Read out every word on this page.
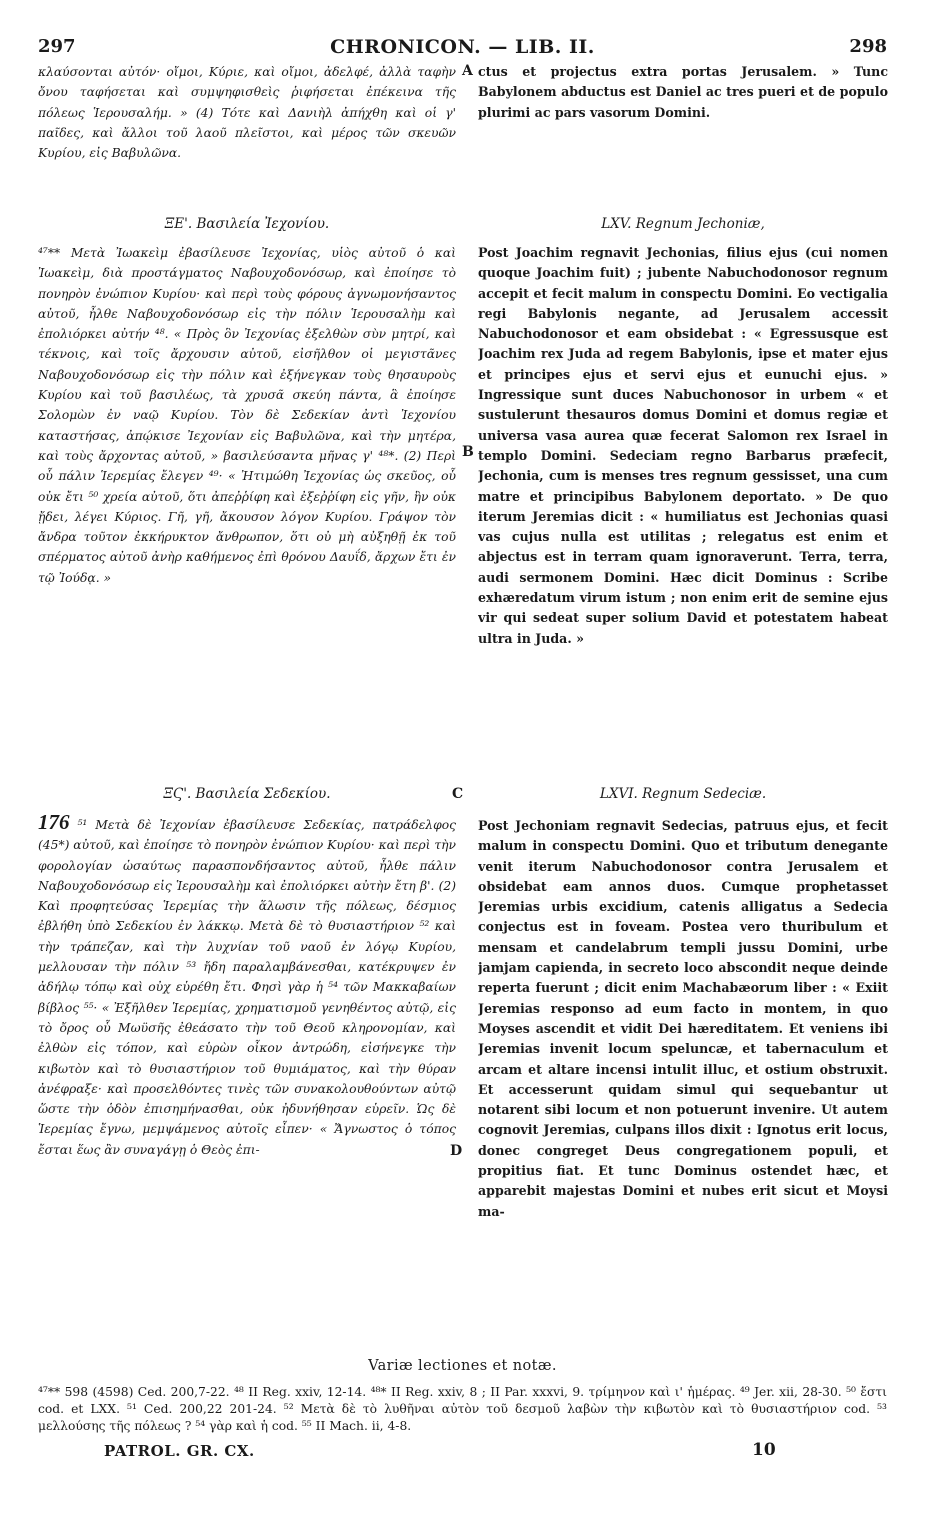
297	CHRONICON. — LIB. II.	298
κλαύσονται αὐτόν· οἴμοι, Κύριε, καὶ οἴμοι, ἀδελφέ, ἀλλὰ ταφὴν ὄνου ταφήσεται καὶ συμψηφισθεὶς ῥιφήσεται ἐπέκεινα τῆς πόλεως Ἱερουσαλήμ. » (4) Τότε καὶ Δανιὴλ ἀπήχθη καὶ οἱ γ' παῖδες, καὶ ἄλλοι τοῦ λαοῦ πλεῖστοι, καὶ μέρος τῶν σκευῶν Κυρίου, εἰς Βαβυλῶνα.
A ctus et projectus extra portas Jerusalem. » Tunc Babylonem abductus est Daniel ac tres pueri et de populo plurimi ac pars vasorum Domini.
ΞΕ'. Βασιλεία Ἰεχονίου.	LXV. Regnum Jechoniæ,
⁴⁷** Μετὰ Ἰωακεὶμ ἐβασίλευσε Ἰεχονίας, υἱὸς αὐτοῦ ὁ καὶ Ἰωακεὶμ, διὰ προστάγματος Ναβουχοδονόσωρ, καὶ ἐποίησε τὸ πονηρὸν ἐνώπιον Κυρίου· καὶ περὶ τοὺς φόρους ἀγνωμονήσαντος αὐτοῦ, ἦλθε Ναβουχοδονόσωρ εἰς τὴν πόλιν Ἱερουσαλὴμ καὶ ἐπολιόρκει αὐτήν ⁴⁸. « Πρὸς ὃν Ἰεχονίας ἐξελθὼν σὺν μητρί, καὶ τέκνοις, καὶ τοῖς ἄρχουσιν αὐτοῦ, εἰσῆλθον οἱ μεγιστᾶνες Ναβουχοδονόσωρ εἰς τὴν πόλιν καὶ ἐξήνεγκαν τοὺς θησαυροὺς Κυρίου καὶ τοῦ βασιλέως, τὰ χρυσᾶ σκεύη πάντα, ἃ ἐποίησε Σολομὼν ἐν ναῷ Κυρίου. Τὸν δὲ Σεδεκίαν ἀντὶ Ἰεχονίου καταστήσας, ἀπῴκισε Ἰεχονίαν εἰς Βαβυλῶνα, καὶ τὴν μητέρα, καὶ τοὺς ἄρχοντας αὐτοῦ, » βασιλεύσαντα μῆνας γ' ⁴⁸*. (2) Περὶ οὗ πάλιν Ἱερεμίας ἔλεγεν ⁴⁹· « Ἠτιμώθη Ἰεχονίας ὡς σκεῦος, οὗ οὐκ ἔτι ⁵⁰ χρεία αὐτοῦ, ὅτι ἀπεῤῥίφη καὶ ἐξεῤῥίφη εἰς γῆν, ἣν οὐκ ᾔδει, λέγει Κύριος. Γῆ, γῆ, ἄκουσον λόγον Κυρίου. Γράψον τὸν ἄνδρα τοῦτον ἐκκήρυκτον ἄνθρωπον, ὅτι οὐ μὴ αὐξηθῇ ἐκ τοῦ σπέρματος αὐτοῦ ἀνὴρ καθήμενος ἐπὶ θρόνου Δαυΐδ, ἄρχων ἔτι ἐν τῷ Ἰούδᾳ. »
B
Post Joachim regnavit Jechonias, filius ejus (cui nomen quoque Joachim fuit) ; jubente Nabuchodonosor regnum accepit et fecit malum in conspectu Domini. Eo vectigalia regi Babylonis negante, ad Jerusalem accessit Nabuchodonosor et eam obsidebat : « Egressusque est Joachim rex Juda ad regem Babylonis, ipse et mater ejus et principes ejus et servi ejus et eunuchi ejus. » Ingressique sunt duces Nabuchonosor in urbem « et sustulerunt thesauros domus Domini et domus regiæ et universa vasa aurea quæ fecerat Salomon rex Israel in templo Domini. Sedeciam regno Barbarus præfecit, Jechonia, cum is menses tres regnum gessisset, una cum matre et principibus Babylonem deportato. » De quo iterum Jeremias dicit : « humiliatus est Jechonias quasi vas cujus nulla est utilitas ; relegatus est enim et abjectus est in terram quam ignoraverunt. Terra, terra, audi sermonem Domini. Hæc dicit Dominus : Scribe exhæredatum virum istum ; non enim erit de semine ejus vir qui sedeat super solium David et potestatem habeat ultra in Juda. »
ΞϚ'. Βασιλεία Σεδεκίου.	C	LXVI. Regnum Sedeciæ.
176 ⁵¹ Μετὰ δὲ Ἰεχονίαν ἐβασίλευσε Σεδεκίας, πατράδελφος (45*) αὐτοῦ, καὶ ἐποίησε τὸ πονηρὸν ἐνώπιον Κυρίου· καὶ περὶ τὴν φορολογίαν ὡσαύτως παρασπονδήσαντος αὐτοῦ, ἦλθε πάλιν Ναβουχοδονόσωρ εἰς Ἱερουσαλὴμ καὶ ἐπολιόρκει αὐτὴν ἔτη β'. (2) Καὶ προφητεύσας Ἱερεμίας τὴν ἅλωσιν τῆς πόλεως, δέσμιος ἐβλήθη ὑπὸ Σεδεκίου ἐν λάκκῳ. Μετὰ δὲ τὸ θυσιαστήριον ⁵² καὶ τὴν τράπεζαν, καὶ τὴν λυχνίαν τοῦ ναοῦ ἐν λόγῳ Κυρίου, μελλουσαν τὴν πόλιν ⁵³ ἤδη παραλαμβάνεσθαι, κατέκρυψεν ἐν ἀδήλῳ τόπῳ καὶ οὐχ εὑρέθη ἔτι. Φησὶ γὰρ ἡ ⁵⁴ τῶν Μακκαβαίων βίβλος ⁵⁵· « Ἐξῆλθεν Ἱερεμίας, χρηματισμοῦ γενηθέντος αὐτῷ, εἰς τὸ ὄρος οὗ Μωϋσῆς ἐθεάσατο τὴν τοῦ Θεοῦ κληρονομίαν, καὶ ἐλθὼν εἰς τόπον, καὶ εὑρὼν οἶκον ἀντρώδη, εἰσήνεγκε τὴν κιβωτὸν καὶ τὸ θυσιαστήριον τοῦ θυμιάματος, καὶ τὴν θύραν ἀνέφραξε· καὶ προσελθόντες τινὲς τῶν συνακολουθούντων αὐτῷ ὥστε τὴν ὁδὸν ἐπισημήνασθαι, οὐκ ἠδυνήθησαν εὑρεῖν. Ὡς δὲ Ἱερεμίας ἔγνω, μεμψάμενος αὐτοῖς εἶπεν· « Ἄγνωστος ὁ τόπος ἔσται ἕως ἂν συναγάγῃ ὁ Θεὸς ἐπι-	D
Post Jechoniam regnavit Sedecias, patruus ejus, et fecit malum in conspectu Domini. Quo et tributum denegante venit iterum Nabuchodonosor contra Jerusalem et obsidebat eam annos duos. Cumque prophetasset Jeremias urbis excidium, catenis alligatus a Sedecia conjectus est in foveam. Postea vero thuribulum et mensam et candelabrum templi jussu Domini, urbe jamjam capienda, in secreto loco abscondit neque deinde reperta fuerunt ; dicit enim Machabæorum liber : « Exiit Jeremias responso ad eum facto in montem, in quo Moyses ascendit et vidit Dei hæreditatem. Et veniens ibi Jeremias invenit locum speluncæ, et tabernaculum et arcam et altare incensi intulit illuc, et ostium obstruxit. Et accesserunt quidam simul qui sequebantur ut notarent sibi locum et non potuerunt invenire. Ut autem cognovit Jeremias, culpans illos dixit : Ignotus erit locus, donec congreget Deus congregationem populi, et propitius fiat. Et tunc Dominus ostendet hæc, et apparebit majestas Domini et nubes erit sicut et Moysi ma-
Variæ lectiones et notæ.
⁴⁷** 598 (4598) Ced. 200,7-22. ⁴⁸ II Reg. xxiv, 12-14. ⁴⁸* II Reg. xxiv, 8 ; II Par. xxxvi, 9. τρίμηνον καὶ ι' ἡμέρας. ⁴⁹ Jer. xii, 28-30. ⁵⁰ ἔστι cod. et LXX. ⁵¹ Ced. 200,22 201-24. ⁵² Μετὰ δὲ τὸ λυθῆναι αὐτὸν τοῦ δεσμοῦ λαβὼν τὴν κιβωτὸν καὶ τὸ θυσιαστήριον cod. ⁵³ μελλούσης τῆς πόλεως ? ⁵⁴ γὰρ καὶ ἡ cod. ⁵⁵ II Mach. ii, 4-8.
PATROL. GR. CX.	10
